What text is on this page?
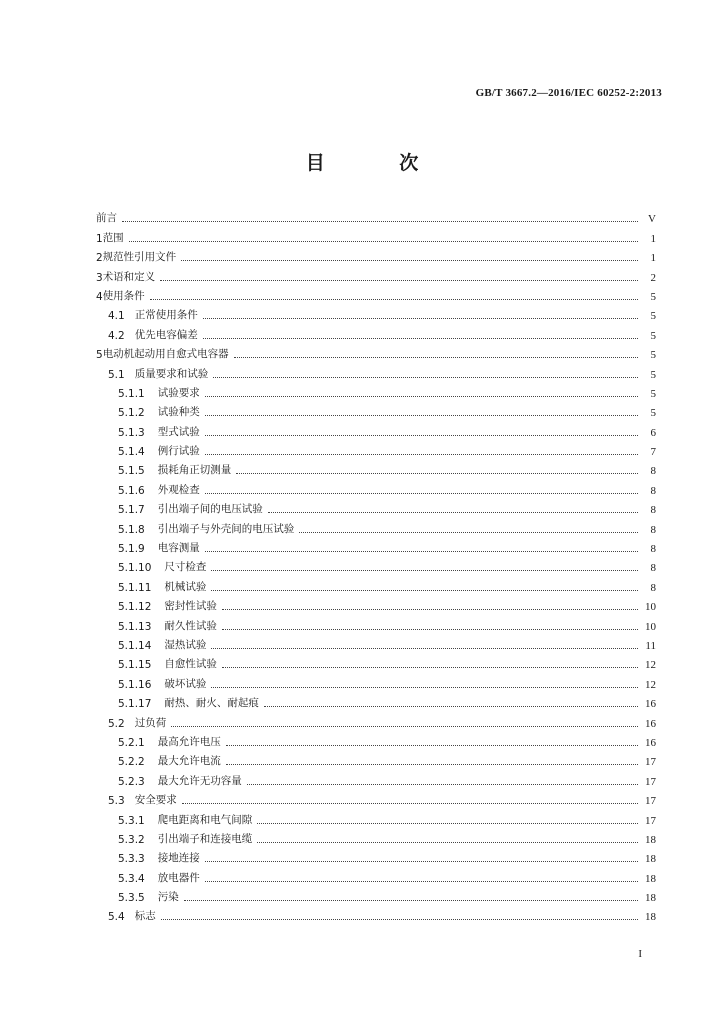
GB/T 3667.2—2016/IEC 60252-2:2013
目 次
前言	V
1 范围	1
2 规范性引用文件	1
3 术语和定义	2
4 使用条件	5
4.1 正常使用条件	5
4.2 优先电容偏差	5
5 电动机起动用自愈式电容器	5
5.1 质量要求和试验	5
5.1.1	试验要求	5
5.1.2	试验种类	5
5.1.3	型式试验	6
5.1.4	例行试验	7
5.1.5	损耗角正切测量	8
5.1.6	外观检查	8
5.1.7	引出端子间的电压试验	8
5.1.8	引出端子与外壳间的电压试验	8
5.1.9	电容测量	8
5.1.10	尺寸检查	8
5.1.11	机械试验	8
5.1.12	密封性试验	10
5.1.13	耐久性试验	10
5.1.14	湿热试验	11
5.1.15	自愈性试验	12
5.1.16	破坏试验	12
5.1.17	耐热、耐火、耐起痕	16
5.2 过负荷	16
5.2.1	最高允许电压	16
5.2.2	最大允许电流	17
5.2.3	最大允许无功容量	17
5.3 安全要求	17
5.3.1	爬电距离和电气间隙	17
5.3.2	引出端子和连接电缆	18
5.3.3	接地连接	18
5.3.4	放电器件	18
5.3.5	污染	18
5.4 标志	18
I
